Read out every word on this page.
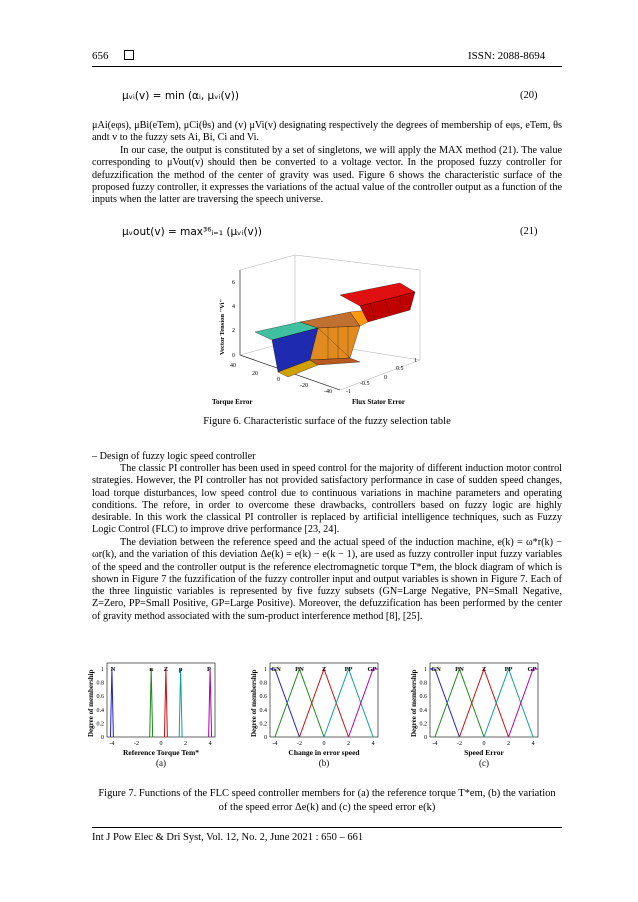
656	ISSN: 2088-8694
μᵥᵢ(v) = min (αᵢ, μᵥᵢ(v))	(20)

μAi(eφs), μBi(eTem), μCi(θs) and (v) μVi(v) designating respectively the degrees of membership of eφs, eTem, θs andt v to the fuzzy sets Ai, Bi, Ci and Vi.

In our case, the output is constituted by a set of singletons, we will apply the MAX method (21). The value corresponding to μVout(v) should then be converted to a voltage vector. In the proposed fuzzy controller for defuzzification the method of the center of gravity was used. Figure 6 shows the characteristic surface of the proposed fuzzy controller, it expresses the variations of the actual value of the controller output as a function of the inputs when the latter are traversing the speech universe.

μᵥout(v) = max³⁶ᵢ₌₁ (μᵥᵢ(v))	(21)
0
2
4
6
40
20
0
-20
-40 -1
-0.5
0
0.5
1
Vector Tension "Vi"
Torque Error	Flux Stator Error
Figure 6. Characteristic surface of the fuzzy selection table
– Design of fuzzy logic speed controller

The classic PI controller has been used in speed control for the majority of different induction motor control strategies. However, the PI controller has not provided satisfactory performance in case of sudden speed changes, load torque disturbances, low speed control due to continuous variations in machine parameters and operating conditions. The refore, in order to overcome these drawbacks, controllers based on fuzzy logic are highly desirable. In this work the classical PI controller is replaced by artificial intelligence techniques, such as Fuzzy Logic Control (FLC) to improve drive performance [23, 24].

The deviation between the reference speed and the actual speed of the induction machine, e(k) = ω*r(k) − ωr(k), and the variation of this deviation Δe(k) = e(k) − e(k − 1), are used as fuzzy controller input fuzzy variables of the speed and the controller output is the reference electromagnetic torque T*em, the block diagram of which is shown in Figure 7 the fuzzification of the fuzzy controller input and output variables is shown in Figure 7. Each of the three linguistic variables is represented by five fuzzy subsets (GN=Large Negative, PN=Small Negative, Z=Zero, PP=Small Positive, GP=Large Positive). Moreover, the defuzzification has been performed by the center of gravity method associated with the sum-product interference method [8], [25].

0
0.2
0.4
0.6
0.8
1
-4	-2	0	2	4
Degree of membership
Reference Torque Tem*
(a)
N	n Z p	P
0
0.2
0.4
0.6
0.8
1
-4	-2	0	2	4
Degree of membership
Change in error speed
(b)
GN PN	Z	PP GP
0
0.2
0.4
0.6
0.8
1
-4	-2	0	2	4
Degree of membership
Speed Error
(c)
GN PN	Z	PP GP
Figure 7. Functions of the FLC speed controller members for (a) the reference torque T*em, (b) the variation
of the speed error Δe(k) and (c) the speed error e(k)
Int J Pow Elec & Dri Syst, Vol. 12, No. 2, June 2021 : 650 – 661
